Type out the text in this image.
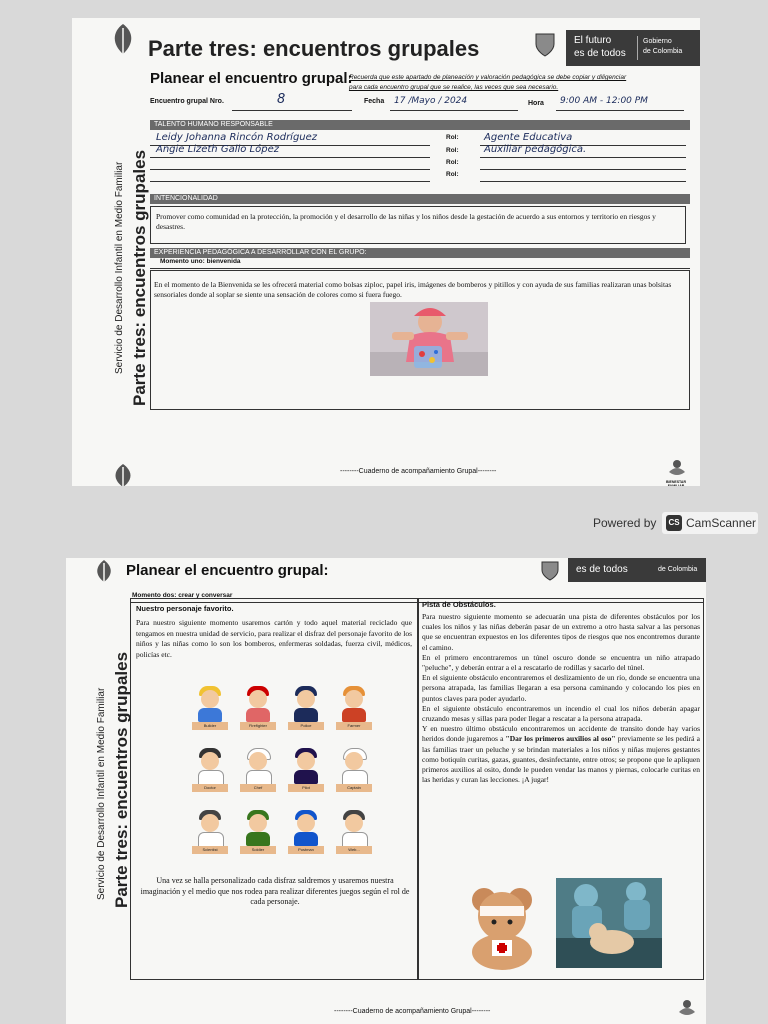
Parte tres: encuentros grupales	El futuro
es de todos
Gobierno
de Colombia
Servicio de Desarrollo Infantil en Medio Familiar Parte tres: encuentros grupales
Planear el encuentro grupal:
Recuerda que este apartado de planeación y valoración pedagógica se debe copiar y diligenciar
para cada encuentro grupal que se realice, las veces que sea necesario.
Encuentro grupal Nro.	8	Fecha 17 /Mayo / 2024	Hora 9:00 AM - 12:00 PM
TALENTO HUMANO RESPONSABLE
Leidy Johanna Rincón Rodríguez	Rol:	Agente Educativa
Angie Lizeth Gallo López	Rol:	Auxiliar pedagógica.
Rol:
Rol:
INTENCIONALIDAD
Promover como comunidad en la protección, la promoción y el desarrollo de las niñas y los niños desde la gestación de acuerdo a sus entornos y territorio en riesgos y desastres.
EXPERIENCIA PEDAGÓGICA A DESARROLLAR CON EL GRUPO:
Momento uno: bienvenida
En el momento de la Bienvenida se les ofrecerá material como bolsas ziploc, papel iris, imágenes de bomberos y pitillos y con ayuda de sus familias realizaran unas bolsitas sensoriales donde al soplar se siente una sensación de colores como si fuera fuego.
--------Cuaderno de acompañamiento Grupal--------
BIENESTAR FAMILIAR
Powered by	CS CamScanner
Planear el encuentro grupal:	es de todos	de Colombia
Servicio de Desarrollo Infantil en Medio Familiar Parte tres: encuentros grupales
Momento dos: crear y conversar
Nuestro personaje favorito.
Para nuestro siguiente momento usaremos cartón y todo aquel material reciclado que tengamos en nuestra unidad de servicio, para realizar el disfraz del personaje favorito de los niños y las niñas como lo son los bomberos, enfermeras soldadas, fuerza civil, médicos, policías etc.
Builder	Firefighter	Police	Farmer
Doctor	Chef	Pilot	Captain
Scientist	Soldier	Postman	Web...
Una vez se halla personalizado cada disfraz saldremos y usaremos nuestra imaginación y el medio que nos rodea para realizar diferentes juegos según el rol de cada personaje.
Pista de Obstáculos.

Para nuestro siguiente momento se adecuarán una pista de diferentes obstáculos por los cuales los niños y las niñas deberán pasar de un extremo a otro hasta salvar a las personas que se encuentran expuestos en los diferentes tipos de riesgos que nos encontremos durante el camino.

En el primero encontraremos un túnel oscuro donde se encuentra un niño atrapado "peluche", y deberán entrar a el a rescatarlo de rodillas y sacarlo del túnel.

En el siguiente obstáculo encontraremos el deslizamiento de un río, donde se encuentra una persona atrapada, las familias llegaran a esa persona caminando y colocando los pies en puntos claves para poder ayudarlo.

En el siguiente obstáculo encontraremos un incendio el cual los niños deberán apagar cruzando mesas y sillas para poder llegar a rescatar a la persona atrapada.

Y en nuestro último obstáculo encontraremos un accidente de transito donde hay varios heridos donde jugaremos a "Dar los primeros auxilios al oso" previamente se les pedirá a las familias traer un peluche y se brindan materiales a los niños y niñas mujeres gestantes como botiquín curitas, gazas, guantes, desinfectante, entre otros; se propone que le apliquen primeros auxilios al osito, donde le pueden vendar las manos y piernas, colocarle curitas en las heridas y curan las lecciones. ¡A jugar!

--------Cuaderno de acompañamiento Grupal--------
